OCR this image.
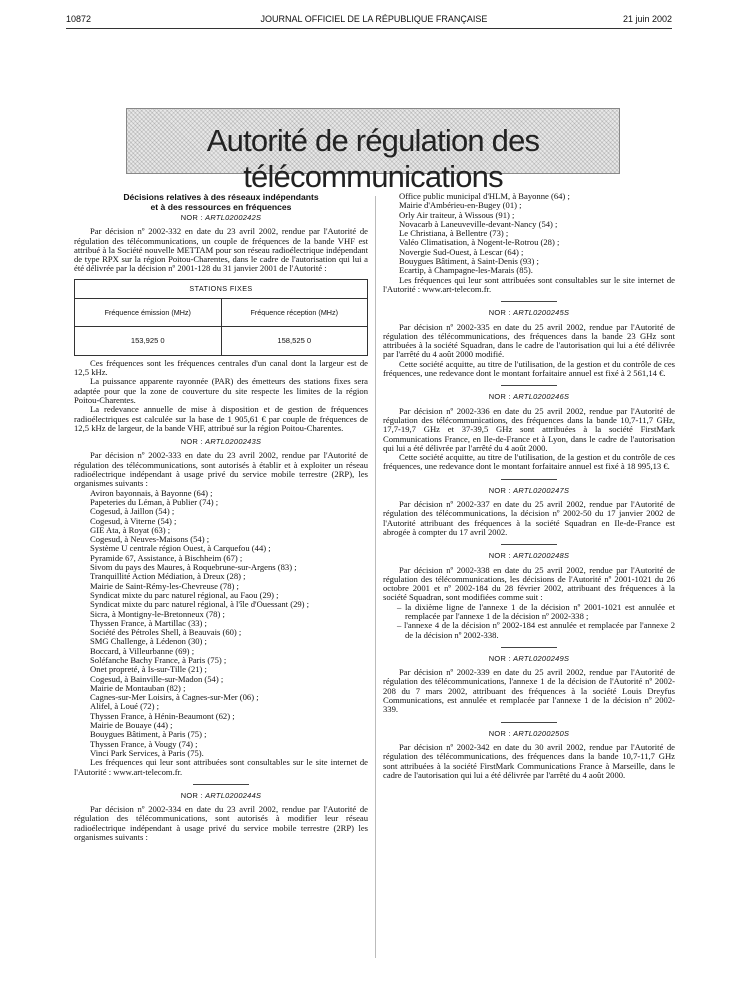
10872	JOURNAL OFFICIEL DE LA RÉPUBLIQUE FRANÇAISE	21 juin 2002
Autorité de régulation des télécommunications
Décisions relatives à des réseaux indépendants
et à des ressources en fréquences
NOR : ARTL0200242S

Par décision nº 2002-332 en date du 23 avril 2002, rendue par l'Autorité de régulation des télécommunications, un couple de fréquences de la bande VHF est attribué à la Société nouvelle METTAM pour son réseau radioélectrique indépendant de type RPX sur la région Poitou-Charentes, dans le cadre de l'autorisation qui lui a été délivrée par la décision nº 2001-128 du 31 janvier 2001 de l'Autorité :

STATIONS FIXES	
Fréquence émission (MHz)	Fréquence réception (MHz)
153,925 0	158,525 0

Ces fréquences sont les fréquences centrales d'un canal dont la largeur est de 12,5 kHz.

La puissance apparente rayonnée (PAR) des émetteurs des stations fixes sera adaptée pour que la zone de couverture du site respecte les limites de la région Poitou-Charentes.

La redevance annuelle de mise à disposition et de gestion de fréquences radioélectriques est calculée sur la base de 1 905,61 € par couple de fréquences de 12,5 kHz de largeur, de la bande VHF, attribué sur la région Poitou-Charentes.

NOR : ARTL0200243S

Par décision nº 2002-333 en date du 23 avril 2002, rendue par l'Autorité de régulation des télécommunications, sont autorisés à établir et à exploiter un réseau radioélectrique indépendant à usage privé du service mobile terrestre (2RP), les organismes suivants :

Aviron bayonnais, à Bayonne (64) ;
Papeteries du Léman, à Publier (74) ;
Cogesud, à Jaillon (54) ;
Cogesud, à Viterne (54) ;
GIE Ata, à Royat (63) ;
Cogesud, à Neuves-Maisons (54) ;
Système U centrale région Ouest, à Carquefou (44) ;
Pyramide 67, Assistance, à Bischheim (67) ;
Sivom du pays des Maures, à Roquebrune-sur-Argens (83) ;
Tranquillité Action Médiation, à Dreux (28) ;
Mairie de Saint-Rémy-les-Chevreuse (78) ;
Syndicat mixte du parc naturel régional, au Faou (29) ;
Syndicat mixte du parc naturel régional, à l'île d'Ouessant (29) ;
Sicra, à Montigny-le-Bretonneux (78) ;
Thyssen France, à Martillac (33) ;
Société des Pétroles Shell, à Beauvais (60) ;
SMG Challenge, à Lédenon (30) ;
Boccard, à Villeurbanne (69) ;
Soléfanche Bachy France, à Paris (75) ;
Onet propreté, à Is-sur-Tille (21) ;
Cogesud, à Bainville-sur-Madon (54) ;
Mairie de Montauban (82) ;
Cagnes-sur-Mer Loisirs, à Cagnes-sur-Mer (06) ;
Alifel, à Loué (72) ;
Thyssen France, à Hénin-Beaumont (62) ;
Mairie de Bouaye (44) ;
Bouygues Bâtiment, à Paris (75) ;
Thyssen France, à Vougy (74) ;
Vinci Park Services, à Paris (75).

Les fréquences qui leur sont attribuées sont consultables sur le site internet de l'Autorité : www.art-telecom.fr.

NOR : ARTL0200244S

Par décision nº 2002-334 en date du 23 avril 2002, rendue par l'Autorité de régulation des télécommunications, sont autorisés à modifier leur réseau radioélectrique indépendant à usage privé du service mobile terrestre (2RP) les organismes suivants :

Office public municipal d'HLM, à Bayonne (64) ;
Mairie d'Ambérieu-en-Bugey (01) ;
Orly Air traiteur, à Wissous (91) ;
Novacarb à Laneuveville-devant-Nancy (54) ;
Le Christiana, à Bellentre (73) ;
Valéo Climatisation, à Nogent-le-Rotrou (28) ;
Novergie Sud-Ouest, à Lescar (64) ;
Bouygues Bâtiment, à Saint-Denis (93) ;
Ecartip, à Champagne-les-Marais (85).

Les fréquences qui leur sont attribuées sont consultables sur le site internet de l'Autorité : www.art-telecom.fr.

NOR : ARTL0200245S

Par décision nº 2002-335 en date du 25 avril 2002, rendue par l'Autorité de régulation des télécommunications, des fréquences dans la bande 23 GHz sont attribuées à la société Squadran, dans le cadre de l'autorisation qui lui a été délivrée par l'arrêté du 4 août 2000 modifié.

Cette société acquitte, au titre de l'utilisation, de la gestion et du contrôle de ces fréquences, une redevance dont le montant forfaitaire annuel est fixé à 2 561,14 €.

NOR : ARTL0200246S

Par décision nº 2002-336 en date du 25 avril 2002, rendue par l'Autorité de régulation des télécommunications, des fréquences dans la bande 10,7-11,7 GHz, 17,7-19,7 GHz et 37-39,5 GHz sont attribuées à la société FirstMark Communications France, en Ile-de-France et à Lyon, dans le cadre de l'autorisation qui lui a été délivrée par l'arrêté du 4 août 2000.

Cette société acquitte, au titre de l'utilisation, de la gestion et du contrôle de ces fréquences, une redevance dont le montant forfaitaire annuel est fixé à 18 995,13 €.

NOR : ARTL0200247S

Par décision nº 2002-337 en date du 25 avril 2002, rendue par l'Autorité de régulation des télécommunications, la décision nº 2002-50 du 17 janvier 2002 de l'Autorité attribuant des fréquences à la société Squadran en Ile-de-France est abrogée à compter du 17 avril 2002.

NOR : ARTL0200248S

Par décision nº 2002-338 en date du 25 avril 2002, rendue par l'Autorité de régulation des télécommunications, les décisions de l'Autorité nº 2001-1021 du 26 octobre 2001 et nº 2002-184 du 28 février 2002, attribuant des fréquences à la société Squadran, sont modifiées comme suit :

– la dixième ligne de l'annexe 1 de la décision nº 2001-1021 est annulée et remplacée par l'annexe 1 de la décision nº 2002-338 ;
– l'annexe 4 de la décision nº 2002-184 est annulée et remplacée par l'annexe 2 de la décision nº 2002-338.
NOR : ARTL0200249S

Par décision nº 2002-339 en date du 25 avril 2002, rendue par l'Autorité de régulation des télécommunications, l'annexe 1 de la décision de l'Autorité nº 2002-208 du 7 mars 2002, attribuant des fréquences à la société Louis Dreyfus Communications, est annulée et remplacée par l'annexe 1 de la décision nº 2002-339.

NOR : ARTL0200250S

Par décision nº 2002-342 en date du 30 avril 2002, rendue par l'Autorité de régulation des télécommunications, des fréquences dans la bande 10,7-11,7 GHz sont attribuées à la société FirstMark Communications France à Marseille, dans le cadre de l'autorisation qui lui a été délivrée par l'arrêté du 4 août 2000.
